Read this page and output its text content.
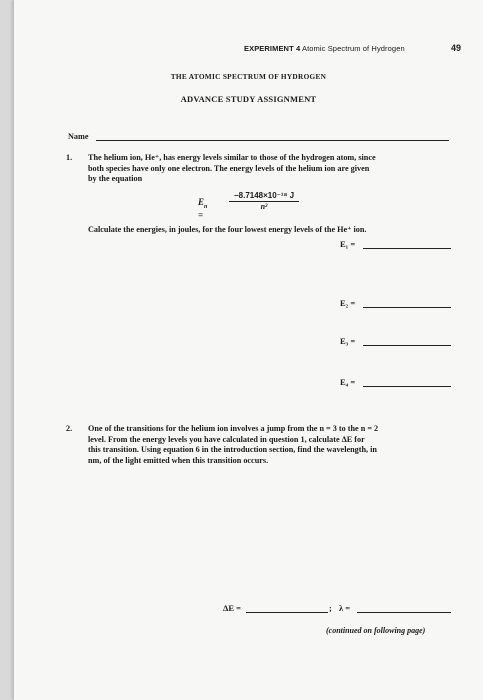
EXPERIMENT 4 Atomic Spectrum of Hydrogen	49
THE ATOMIC SPECTRUM OF HYDROGEN
ADVANCE STUDY ASSIGNMENT
Name
1. The helium ion, He⁺, has energy levels similar to those of the hydrogen atom, since
both species have only one electron. The energy levels of the helium ion are given
by the equation
$E_n$ =
−8.7148×10⁻¹⁸ J
n²
Calculate the energies, in joules, for the four lowest energy levels of the He⁺ ion.
E₁ =
E₂ =
E₃ =
E₄ =
2. One of the transitions for the helium ion involves a jump from the n = 3 to the n = 2
level. From the energy levels you have calculated in question 1, calculate ΔE for
this transition. Using equation 6 in the introduction section, find the wavelength, in
nm, of the light emitted when this transition occurs.
ΔE =	; λ =
(continued on following page)
